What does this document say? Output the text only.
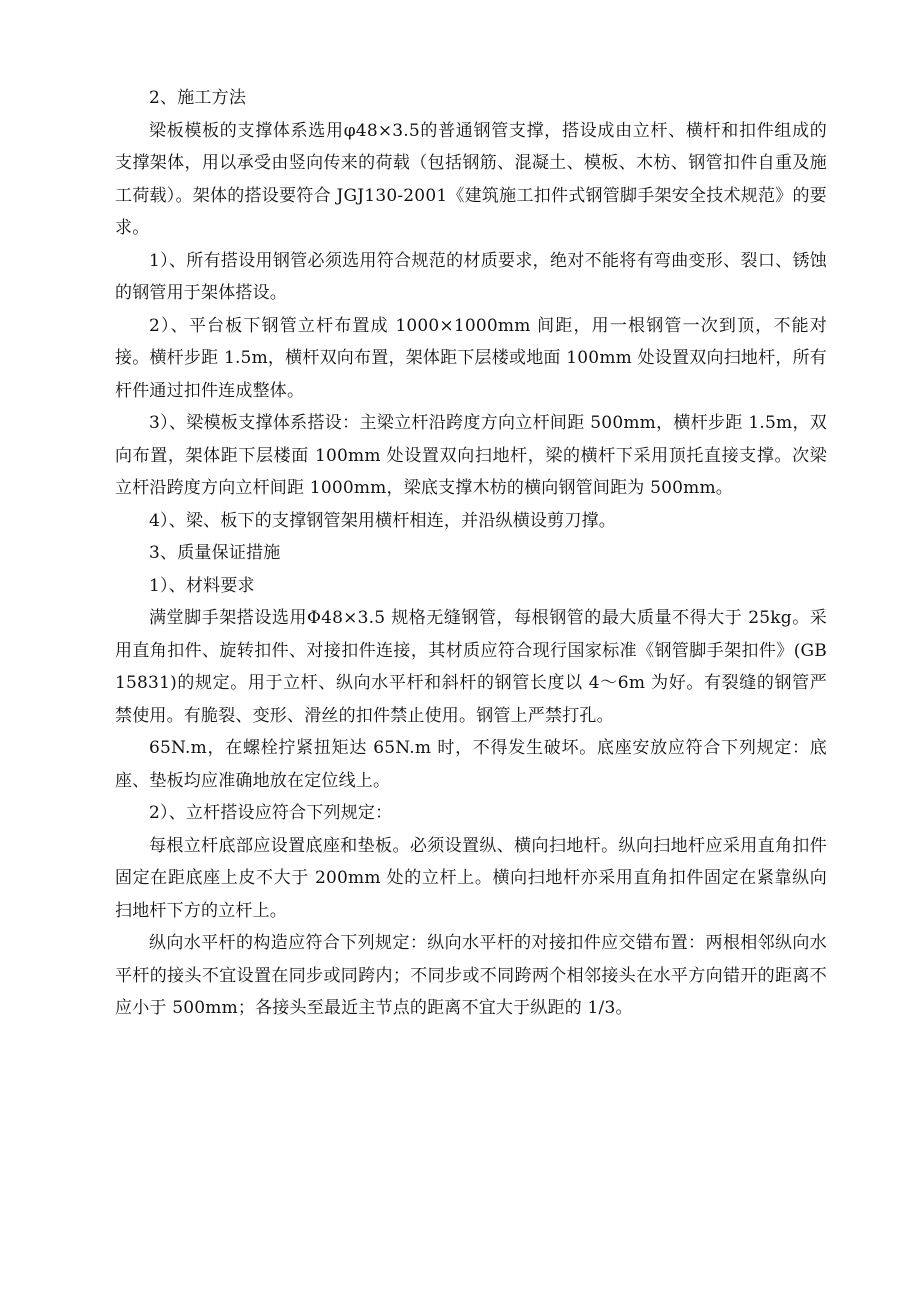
2、施工方法

梁板模板的支撑体系选用φ48×3.5的普通钢管支撑，搭设成由立杆、横杆和扣件组成的支撑架体，用以承受由竖向传来的荷载（包括钢筋、混凝土、模板、木枋、钢管扣件自重及施工荷载）。架体的搭设要符合 JGJ130-2001《建筑施工扣件式钢管脚手架安全技术规范》的要求。

1）、所有搭设用钢管必须选用符合规范的材质要求，绝对不能将有弯曲变形、裂口、锈蚀的钢管用于架体搭设。

2）、平台板下钢管立杆布置成 1000×1000mm 间距，用一根钢管一次到顶，不能对接。横杆步距 1.5m，横杆双向布置，架体距下层楼或地面 100mm 处设置双向扫地杆，所有杆件通过扣件连成整体。

3）、梁模板支撑体系搭设：主梁立杆沿跨度方向立杆间距 500mm，横杆步距 1.5m，双向布置，架体距下层楼面 100mm 处设置双向扫地杆，梁的横杆下采用顶托直接支撑。次梁立杆沿跨度方向立杆间距 1000mm，梁底支撑木枋的横向钢管间距为 500mm。

4）、梁、板下的支撑钢管架用横杆相连，并沿纵横设剪刀撑。

3、质量保证措施

1）、材料要求

满堂脚手架搭设选用Φ48×3.5 规格无缝钢管，每根钢管的最大质量不得大于 25kg。采用直角扣件、旋转扣件、对接扣件连接，其材质应符合现行国家标准《钢管脚手架扣件》(GB15831)的规定。用于立杆、纵向水平杆和斜杆的钢管长度以 4～6m 为好。有裂缝的钢管严禁使用。有脆裂、变形、滑丝的扣件禁止使用。钢管上严禁打孔。

65N.m，在螺栓拧紧扭矩达 65N.m 时，不得发生破坏。底座安放应符合下列规定：底座、垫板均应准确地放在定位线上。

2）、立杆搭设应符合下列规定：

每根立杆底部应设置底座和垫板。必须设置纵、横向扫地杆。纵向扫地杆应采用直角扣件固定在距底座上皮不大于 200mm 处的立杆上。横向扫地杆亦采用直角扣件固定在紧靠纵向扫地杆下方的立杆上。

纵向水平杆的构造应符合下列规定：纵向水平杆的对接扣件应交错布置：两根相邻纵向水平杆的接头不宜设置在同步或同跨内；不同步或不同跨两个相邻接头在水平方向错开的距离不应小于 500mm；各接头至最近主节点的距离不宜大于纵距的 1/3。
